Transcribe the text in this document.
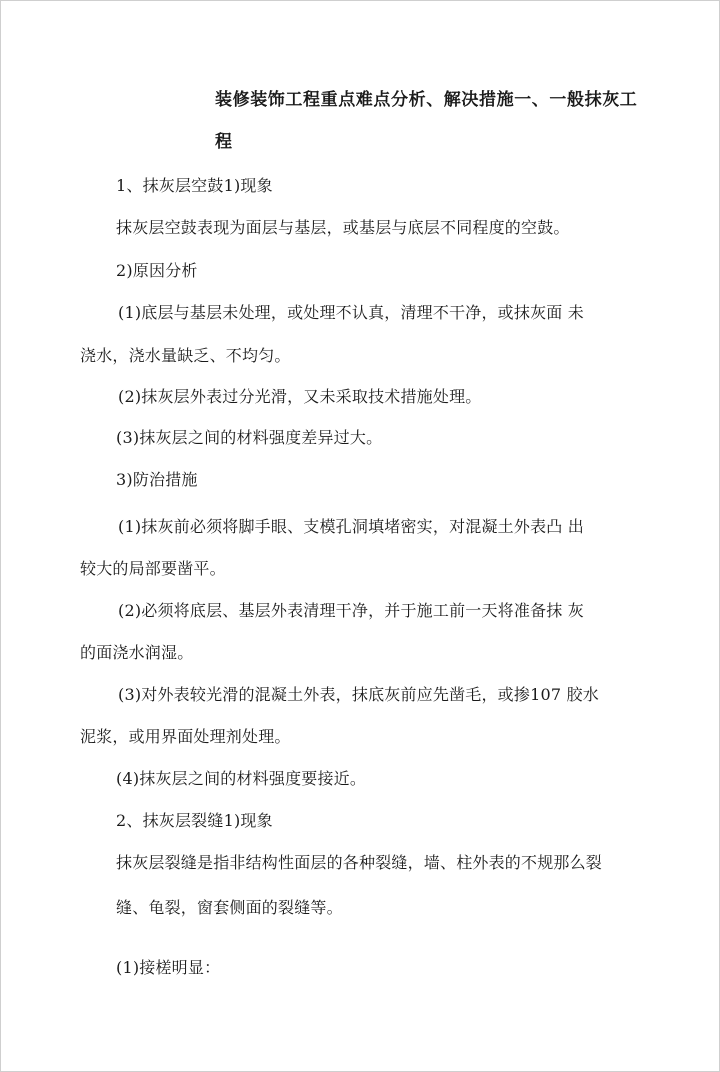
装修装饰工程重点难点分析、解决措施一、一般抹灰工
程
1、抹灰层空鼓1)现象
抹灰层空鼓表现为面层与基层，或基层与底层不同程度的空鼓。
2)原因分析
(1)底层与基层未处理，或处理不认真，清理不干净，或抹灰面 未
浇水，浇水量缺乏、不均匀。
(2)抹灰层外表过分光滑，又未采取技术措施处理。
(3)抹灰层之间的材料强度差异过大。
3)防治措施
(1)抹灰前必须将脚手眼、支模孔洞填堵密实，对混凝土外表凸 出
较大的局部要凿平。
(2)必须将底层、基层外表清理干净，并于施工前一天将准备抹 灰
的面浇水润湿。
(3)对外表较光滑的混凝土外表，抹底灰前应先凿毛，或掺107 胶水
泥浆，或用界面处理剂处理。
(4)抹灰层之间的材料强度要接近。
2、抹灰层裂缝1)现象
抹灰层裂缝是指非结构性面层的各种裂缝，墙、柱外表的不规那么裂
缝、龟裂，窗套侧面的裂缝等。
(1)接槎明显：
